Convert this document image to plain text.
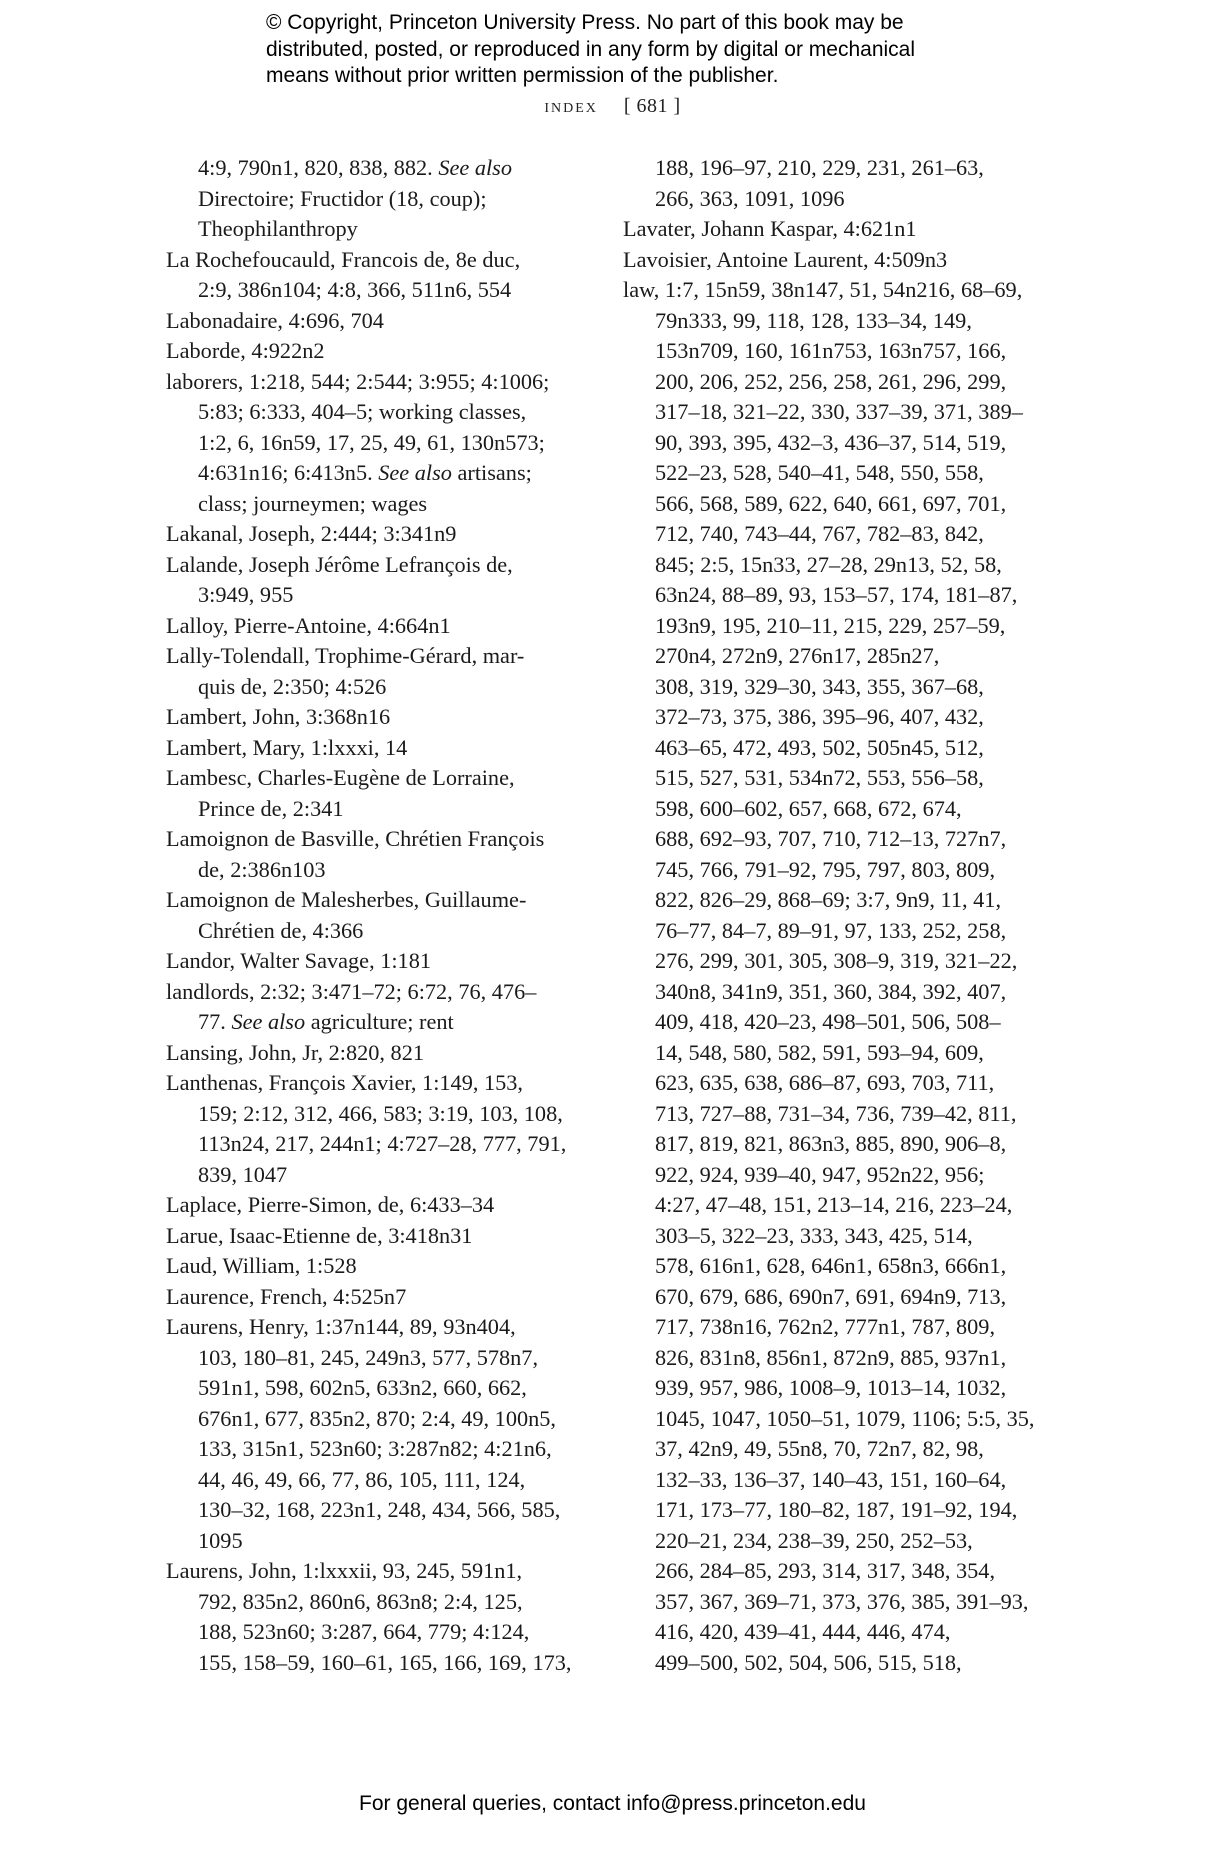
© Copyright, Princeton University Press. No part of this book may be
distributed, posted, or reproduced in any form by digital or mechanical
means without prior written permission of the publisher.
index [ 681 ]
4:9, 790n1, 820, 838, 882. See also
Directoire; Fructidor (18, coup);
Theophilanthropy
La Rochefoucauld, Francois de, 8e duc,
2:9, 386n104; 4:8, 366, 511n6, 554
Labonadaire, 4:696, 704
Laborde, 4:922n2
laborers, 1:218, 544; 2:544; 3:955; 4:1006;
5:83; 6:333, 404–5; working classes,
1:2, 6, 16n59, 17, 25, 49, 61, 130n573;
4:631n16; 6:413n5. See also artisans;
class; journeymen; wages
Lakanal, Joseph, 2:444; 3:341n9
Lalande, Joseph Jérôme Lefrançois de,
3:949, 955
Lalloy, Pierre-Antoine, 4:664n1
Lally-Tolendall, Trophime-Gérard, mar-
quis de, 2:350; 4:526
Lambert, John, 3:368n16
Lambert, Mary, 1:lxxxi, 14
Lambesc, Charles-Eugène de Lorraine,
Prince de, 2:341
Lamoignon de Basville, Chrétien François
de, 2:386n103
Lamoignon de Malesherbes, Guillaume-
Chrétien de, 4:366
Landor, Walter Savage, 1:181
landlords, 2:32; 3:471–72; 6:72, 76, 476–
77. See also agriculture; rent
Lansing, John, Jr, 2:820, 821
Lanthenas, François Xavier, 1:149, 153,
159; 2:12, 312, 466, 583; 3:19, 103, 108,
113n24, 217, 244n1; 4:727–28, 777, 791,
839, 1047
Laplace, Pierre-Simon, de, 6:433–34
Larue, Isaac-Etienne de, 3:418n31
Laud, William, 1:528
Laurence, French, 4:525n7
Laurens, Henry, 1:37n144, 89, 93n404,
103, 180–81, 245, 249n3, 577, 578n7,
591n1, 598, 602n5, 633n2, 660, 662,
676n1, 677, 835n2, 870; 2:4, 49, 100n5,
133, 315n1, 523n60; 3:287n82; 4:21n6,
44, 46, 49, 66, 77, 86, 105, 111, 124,
130–32, 168, 223n1, 248, 434, 566, 585,
1095
Laurens, John, 1:lxxxii, 93, 245, 591n1,
792, 835n2, 860n6, 863n8; 2:4, 125,
188, 523n60; 3:287, 664, 779; 4:124,
155, 158–59, 160–61, 165, 166, 169, 173,
188, 196–97, 210, 229, 231, 261–63,
266, 363, 1091, 1096
Lavater, Johann Kaspar, 4:621n1
Lavoisier, Antoine Laurent, 4:509n3
law, 1:7, 15n59, 38n147, 51, 54n216, 68–69,
79n333, 99, 118, 128, 133–34, 149,
153n709, 160, 161n753, 163n757, 166,
200, 206, 252, 256, 258, 261, 296, 299,
317–18, 321–22, 330, 337–39, 371, 389–
90, 393, 395, 432–3, 436–37, 514, 519,
522–23, 528, 540–41, 548, 550, 558,
566, 568, 589, 622, 640, 661, 697, 701,
712, 740, 743–44, 767, 782–83, 842,
845; 2:5, 15n33, 27–28, 29n13, 52, 58,
63n24, 88–89, 93, 153–57, 174, 181–87,
193n9, 195, 210–11, 215, 229, 257–59,
270n4, 272n9, 276n17, 285n27,
308, 319, 329–30, 343, 355, 367–68,
372–73, 375, 386, 395–96, 407, 432,
463–65, 472, 493, 502, 505n45, 512,
515, 527, 531, 534n72, 553, 556–58,
598, 600–602, 657, 668, 672, 674,
688, 692–93, 707, 710, 712–13, 727n7,
745, 766, 791–92, 795, 797, 803, 809,
822, 826–29, 868–69; 3:7, 9n9, 11, 41,
76–77, 84–7, 89–91, 97, 133, 252, 258,
276, 299, 301, 305, 308–9, 319, 321–22,
340n8, 341n9, 351, 360, 384, 392, 407,
409, 418, 420–23, 498–501, 506, 508–
14, 548, 580, 582, 591, 593–94, 609,
623, 635, 638, 686–87, 693, 703, 711,
713, 727–88, 731–34, 736, 739–42, 811,
817, 819, 821, 863n3, 885, 890, 906–8,
922, 924, 939–40, 947, 952n22, 956;
4:27, 47–48, 151, 213–14, 216, 223–24,
303–5, 322–23, 333, 343, 425, 514,
578, 616n1, 628, 646n1, 658n3, 666n1,
670, 679, 686, 690n7, 691, 694n9, 713,
717, 738n16, 762n2, 777n1, 787, 809,
826, 831n8, 856n1, 872n9, 885, 937n1,
939, 957, 986, 1008–9, 1013–14, 1032,
1045, 1047, 1050–51, 1079, 1106; 5:5, 35,
37, 42n9, 49, 55n8, 70, 72n7, 82, 98,
132–33, 136–37, 140–43, 151, 160–64,
171, 173–77, 180–82, 187, 191–92, 194,
220–21, 234, 238–39, 250, 252–53,
266, 284–85, 293, 314, 317, 348, 354,
357, 367, 369–71, 373, 376, 385, 391–93,
416, 420, 439–41, 444, 446, 474,
499–500, 502, 504, 506, 515, 518,
For general queries, contact info@press.princeton.edu
